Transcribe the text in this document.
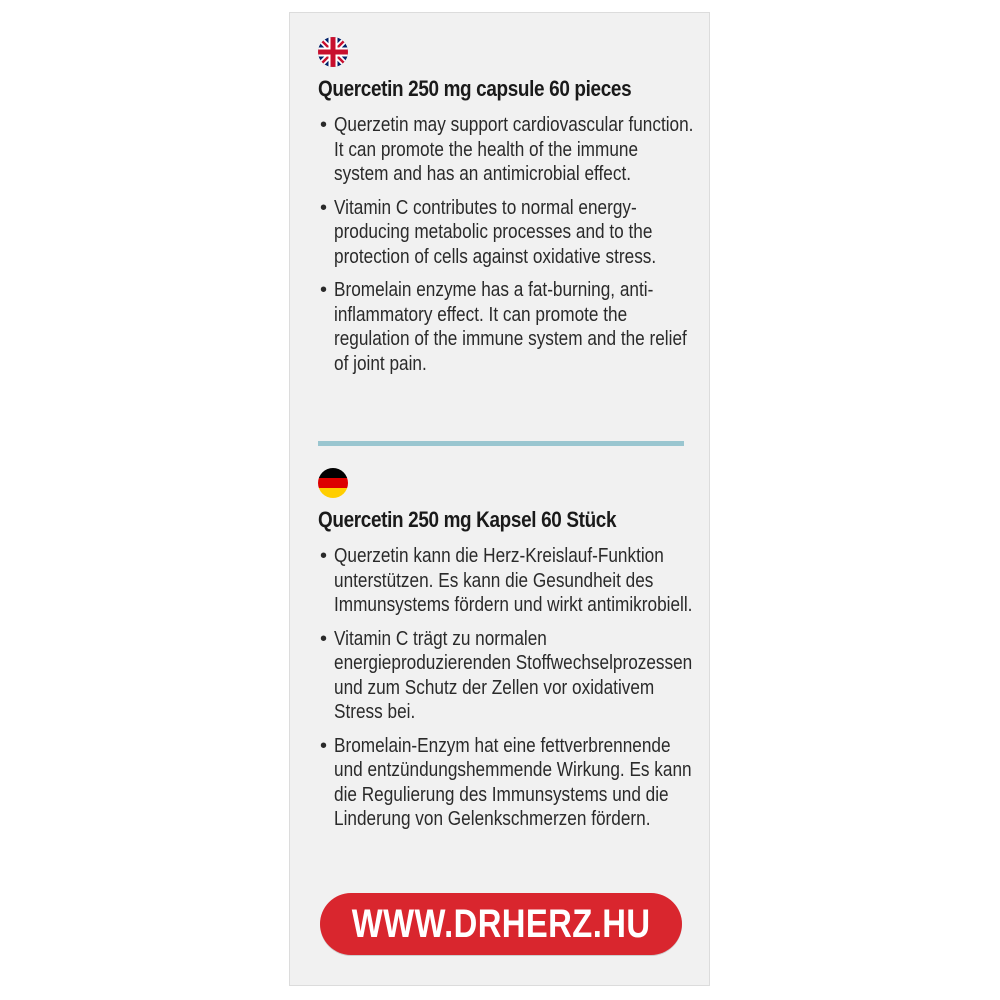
Quercetin 250 mg capsule 60 pieces
• Querzetin may support cardiovascular function. It can promote the health of the immune system and has an antimicrobial effect.
• Vitamin C contributes to normal energy-producing metabolic processes and to the protection of cells against oxidative stress.
• Bromelain enzyme has a fat-burning, anti-inflammatory effect. It can promote the regulation of the immune system and the relief of joint pain.
Quercetin 250 mg Kapsel 60 Stück
• Querzetin kann die Herz-Kreislauf-Funktion unterstützen. Es kann die Gesundheit des Immunsystems fördern und wirkt antimikrobiell.
• Vitamin C trägt zu normalen energieproduzierenden Stoffwechselprozessen und zum Schutz der Zellen vor oxidativem Stress bei.
• Bromelain-Enzym hat eine fettverbrennende und entzündungshemmende Wirkung. Es kann die Regulierung des Immunsystems und die Linderung von Gelenkschmerzen fördern.
WWW.DRHERZ.HU
